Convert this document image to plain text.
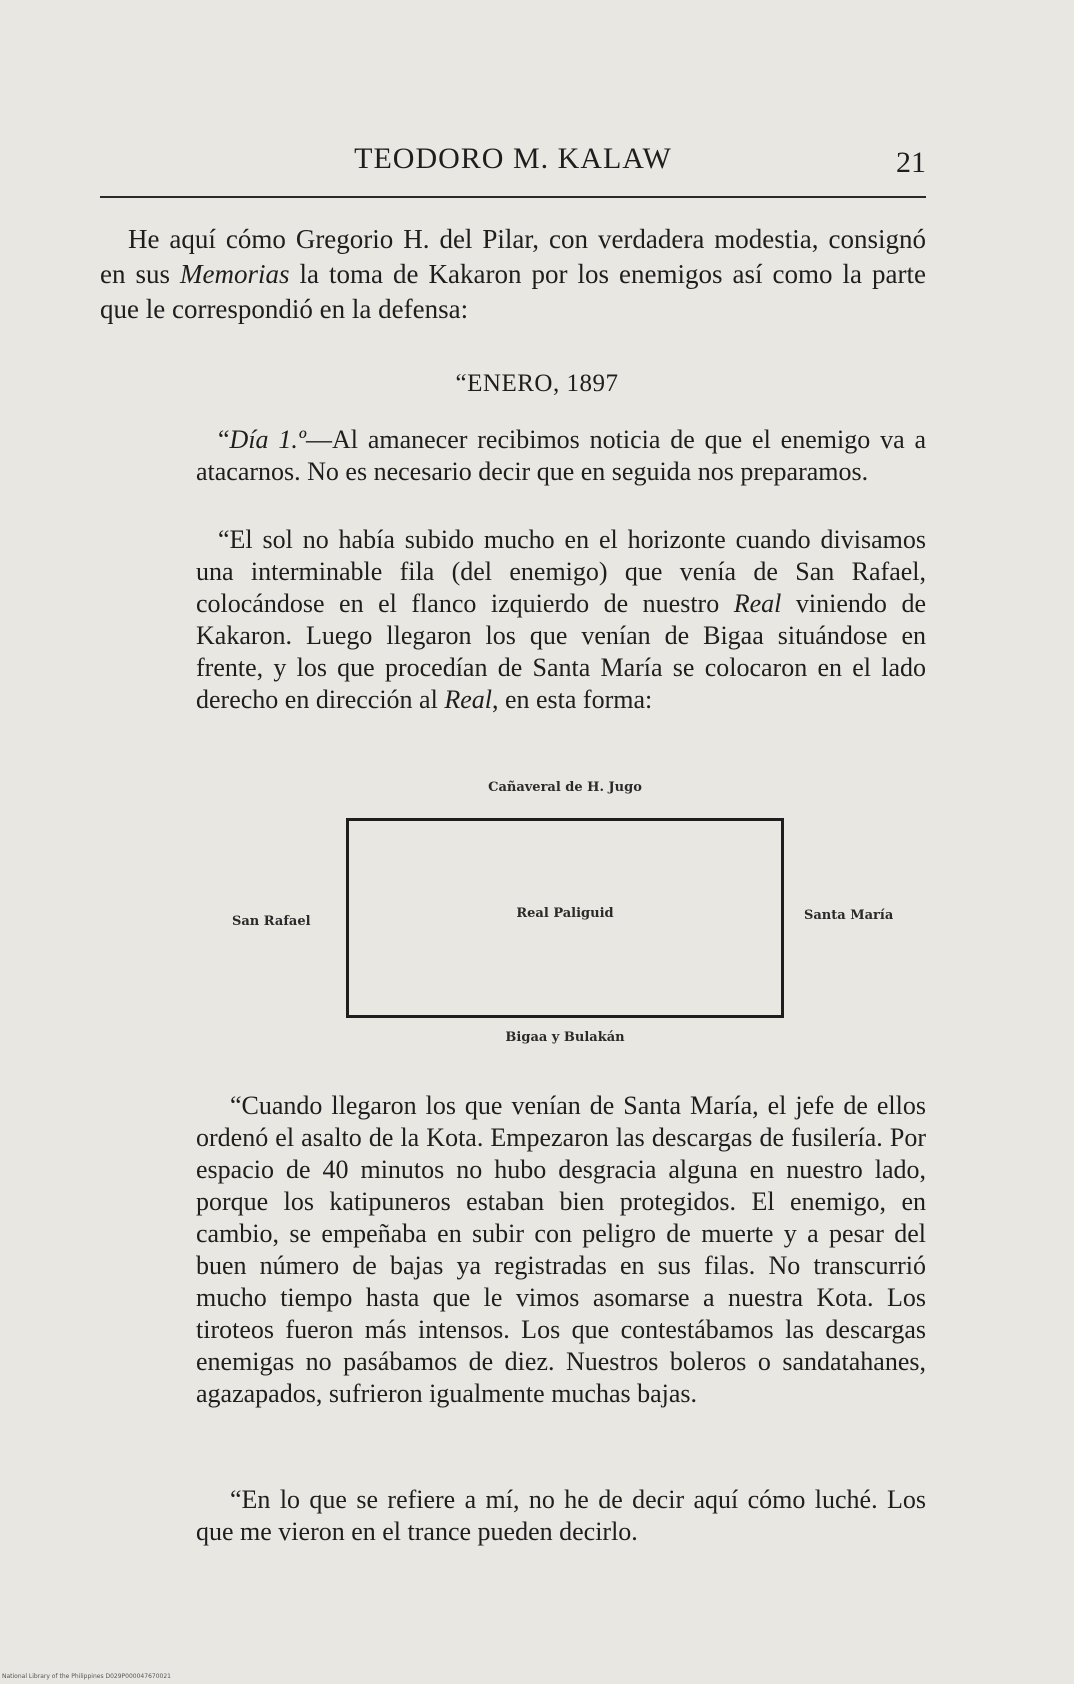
TEODORO M. KALAW	21

He aquí cómo Gregorio H. del Pilar, con verdadera modestia, consignó en sus Memorias la toma de Kakaron por los enemigos así como la parte que le correspondió en la defensa:

“ENERO, 1897

“Día 1.º—Al amanecer recibimos noticia de que el enemigo va a atacarnos. No es necesario decir que en seguida nos preparamos.

“El sol no había subido mucho en el horizonte cuando divisamos una interminable fila (del enemigo) que venía de San Rafael, colocándose en el flanco izquierdo de nuestro Real viniendo de Kakaron. Luego llegaron los que venían de Bigaa situándose en frente, y los que procedían de Santa María se colocaron en el lado derecho en dirección al Real, en esta forma:

Cañaveral de H. Jugo
San Rafael
Real Paliguid	Santa María
Bigaa y Bulakán

“Cuando llegaron los que venían de Santa María, el jefe de ellos ordenó el asalto de la Kota. Empezaron las descargas de fusilería. Por espacio de 40 minutos no hubo desgracia alguna en nuestro lado, porque los katipuneros estaban bien protegidos. El enemigo, en cambio, se empeñaba en subir con peligro de muerte y a pesar del buen número de bajas ya registradas en sus filas. No transcurrió mucho tiempo hasta que le vimos asomarse a nuestra Kota. Los tiroteos fueron más intensos. Los que contestábamos las descargas enemigas no pasábamos de diez. Nuestros boleros o sandatahanes, agazapados, sufrieron igualmente muchas bajas.

“En lo que se refiere a mí, no he de decir aquí cómo luché. Los que me vieron en el trance pueden decirlo.

National Library of the Philippines D029P000047670021
